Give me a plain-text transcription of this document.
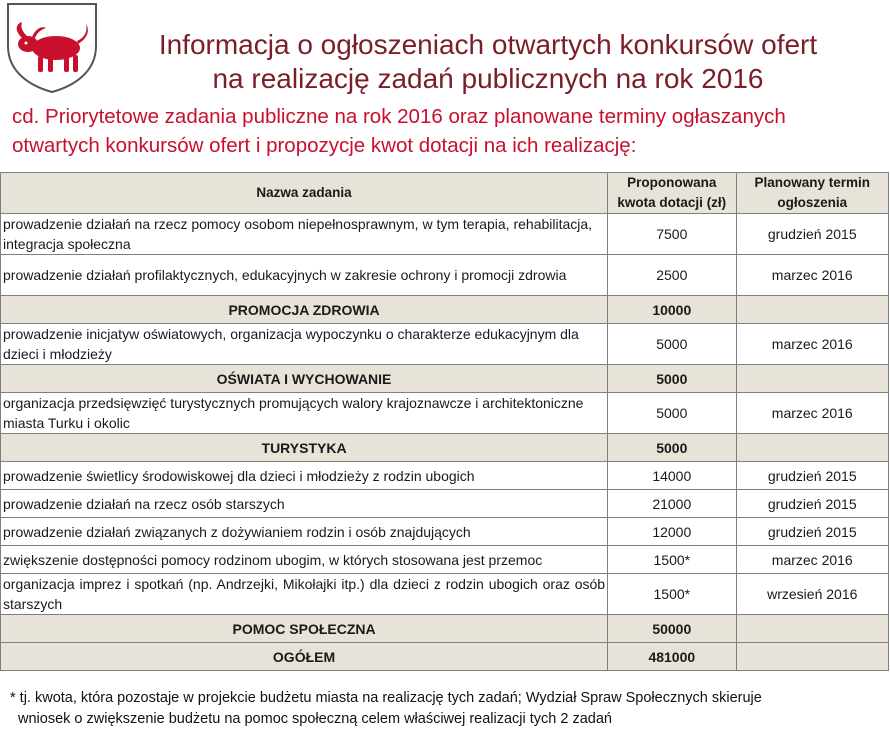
Informacja o ogłoszeniach otwartych konkursów ofert
na realizację zadań publicznych na rok 2016

cd. Priorytetowe zadania publiczne na rok 2016 oraz planowane terminy ogłaszanych

otwartych konkursów ofert i propozycje kwot dotacji na ich realizację:

Nazwa zadania	Proponowana kwota dotacji (zł)	Planowany termin ogłoszenia
prowadzenie działań na rzecz pomocy osobom niepełnosprawnym, w tym terapia, rehabilitacja, integracja społeczna	7500	grudzień 2015
prowadzenie działań profilaktycznych, edukacyjnych w zakresie ochrony i promocji zdrowia	2500	marzec 2016
PROMOCJA ZDROWIA	10000	
prowadzenie inicjatyw oświatowych, organizacja wypoczynku o charakterze edukacyjnym dla dzieci i młodzieży	5000	marzec 2016
OŚWIATA I WYCHOWANIE	5000	
organizacja przedsięwzięć turystycznych promujących walory krajoznawcze i architektoniczne miasta Turku i okolic	5000	marzec 2016
TURYSTYKA	5000	
prowadzenie świetlicy środowiskowej dla dzieci i młodzieży z rodzin ubogich	14000	grudzień 2015
prowadzenie działań na rzecz osób starszych	21000	grudzień 2015
prowadzenie działań związanych z dożywianiem rodzin i osób znajdujących	12000	grudzień 2015
zwiększenie dostępności pomocy rodzinom ubogim, w których stosowana jest przemoc	1500*	marzec 2016
organizacja imprez i spotkań (np. Andrzejki, Mikołajki itp.) dla dzieci z rodzin ubogich oraz osób starszych	1500*	wrzesień 2016
POMOC SPOŁECZNA	50000	
OGÓŁEM	481000	

* tj. kwota, która pozostaje w projekcie budżetu miasta na realizację tych zadań; Wydział Spraw Społecznych skieruje

wniosek o zwiększenie budżetu na pomoc społeczną celem właściwej realizacji tych 2 zadań
